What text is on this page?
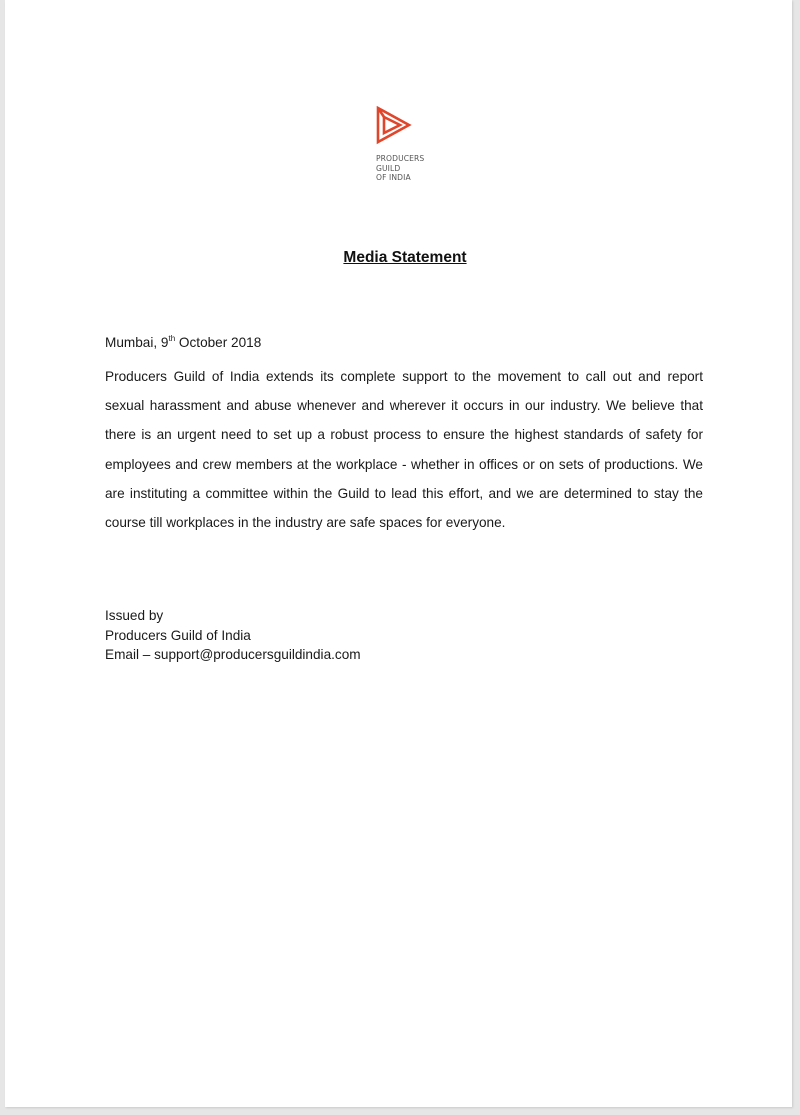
PRODUCERS
GUILD
OF INDIA
Media Statement
Mumbai, 9th October 2018
Producers Guild of India extends its complete support to the movement to call out and report sexual harassment and abuse whenever and wherever it occurs in our industry. We believe that there is an urgent need to set up a robust process to ensure the highest standards of safety for employees and crew members at the workplace - whether in offices or on sets of productions. We are instituting a committee within the Guild to lead this effort, and we are determined to stay the course till workplaces in the industry are safe spaces for everyone.
Issued by
Producers Guild of India
Email – support@producersguildindia.com
